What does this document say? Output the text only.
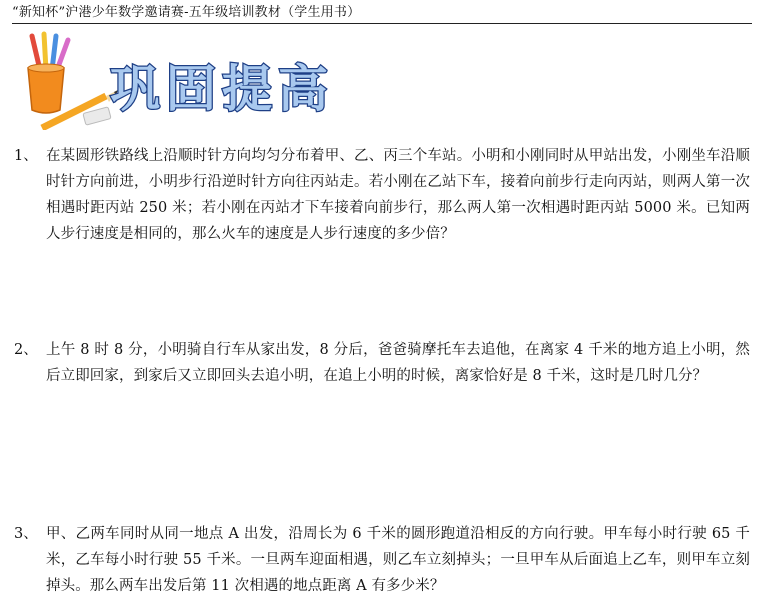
“新知杯”沪港少年数学邀请赛-五年级培训教材（学生用书）
巩固提高
1、 在某圆形铁路线上沿顺时针方向均匀分布着甲、乙、丙三个车站。小明和小刚同时从甲站出发，小刚坐车沿顺时针方向前进，小明步行沿逆时针方向往丙站走。若小刚在乙站下车，接着向前步行走向丙站，则两人第一次相遇时距丙站 250 米；若小刚在丙站才下车接着向前步行，那么两人第一次相遇时距丙站 5000 米。已知两人步行速度是相同的，那么火车的速度是人步行速度的多少倍？
2、 上午 8 时 8 分，小明骑自行车从家出发，8 分后，爸爸骑摩托车去追他，在离家 4 千米的地方追上小明，然后立即回家，到家后又立即回头去追小明，在追上小明的时候，离家恰好是 8 千米，这时是几时几分？
3、 甲、乙两车同时从同一地点 A 出发，沿周长为 6 千米的圆形跑道沿相反的方向行驶。甲车每小时行驶 65 千米，乙车每小时行驶 55 千米。一旦两车迎面相遇，则乙车立刻掉头；一旦甲车从后面追上乙车，则甲车立刻掉头。那么两车出发后第 11 次相遇的地点距离 A 有多少米？
